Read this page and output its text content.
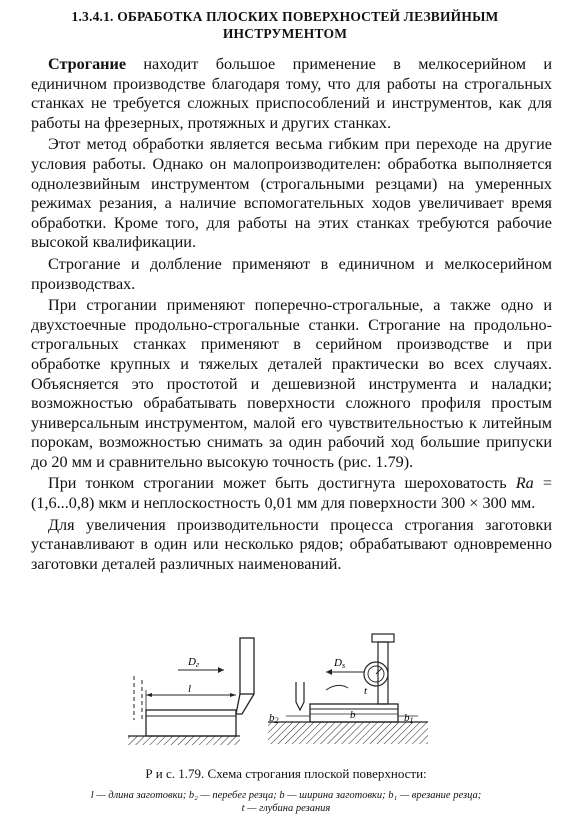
1.3.4.1. ОБРАБОТКА ПЛОСКИХ ПОВЕРХНОСТЕЙ ЛЕЗВИЙНЫМ
ИНСТРУМЕНТОМ

Строгание находит большое применение в мелкосерийном и единичном производстве благодаря тому, что для работы на строгальных станках не требуется сложных приспособлений и инструментов, как для работы на фрезерных, протяжных и других станках.

Этот метод обработки является весьма гибким при переходе на другие условия работы. Однако он малопроизводителен: обработка выполняется однолезвийным инструментом (строгальными резцами) на умеренных режимах резания, а наличие вспомогательных ходов увеличивает время обработки. Кроме того, для работы на этих станках требуются рабочие высокой квалификации.

Строгание и долбление применяют в единичном и мелкосерийном производствах.

При строгании применяют поперечно-строгальные, а также одно и двухстоечные продольно-строгальные станки. Строгание на продольно-строгальных станках применяют в серийном производстве и при обработке крупных и тяжелых деталей практически во всех случаях. Объясняется это простотой и дешевизной инструмента и наладки; возможностью обрабатывать поверхности сложного профиля простым универсальным инструментом, малой его чувствительностью к литейным порокам, возможностью снимать за один рабочий ход большие припуски до 20 мм и сравнительно высокую точность (рис. 1.79).

При тонком строгании может быть достигнута шероховатость Ra = (1,6...0,8) мкм и неплоскостность 0,01 мм для поверхности 300 × 300 мм.

Для увеличения производительности процесса строгания заготовки устанавливают в один или несколько рядов; обрабатывают одновременно заготовки деталей различных наименований.

Dг
l
Ds
t
b
b2	b1
Р и с. 1.79. Схема строгания плоской поверхности:
l — длина заготовки; b₂ — перебег резца; b — ширина заготовки; b₁ — врезание резца;
t — глубина резания
